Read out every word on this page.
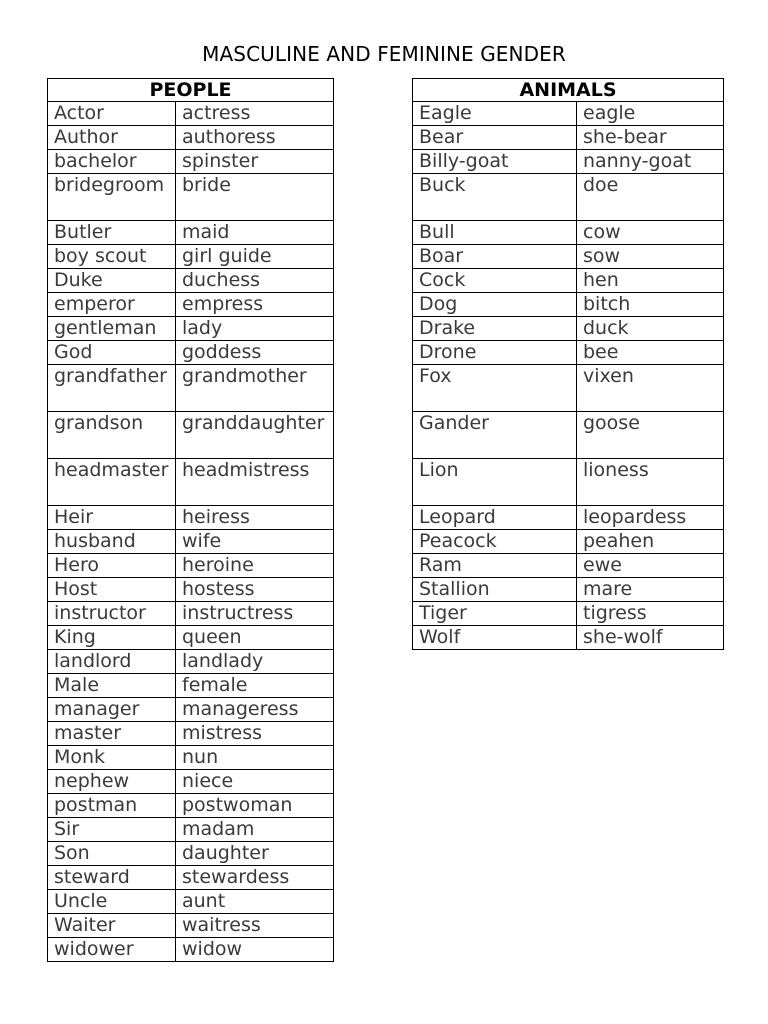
MASCULINE AND FEMININE GENDER
PEOPLE	
Actor	actress
Author	authoress
bachelor	spinster
bridegroom	bride
Butler	maid
boy scout	girl guide
Duke	duchess
emperor	empress
gentleman	lady
God	goddess
grandfather	grandmother
grandson	granddaughter
headmaster	headmistress
Heir	heiress
husband	wife
Hero	heroine
Host	hostess
instructor	instructress
King	queen
landlord	landlady
Male	female
manager	manageress
master	mistress
Monk	nun
nephew	niece
postman	postwoman
Sir	madam
Son	daughter
steward	stewardess
Uncle	aunt
Waiter	waitress
widower	widow
ANIMALS	
Eagle	eagle
Bear	she-bear
Billy-goat	nanny-goat
Buck	doe
Bull	cow
Boar	sow
Cock	hen
Dog	bitch
Drake	duck
Drone	bee
Fox	vixen
Gander	goose
Lion	lioness
Leopard	leopardess
Peacock	peahen
Ram	ewe
Stallion	mare
Tiger	tigress
Wolf	she-wolf
